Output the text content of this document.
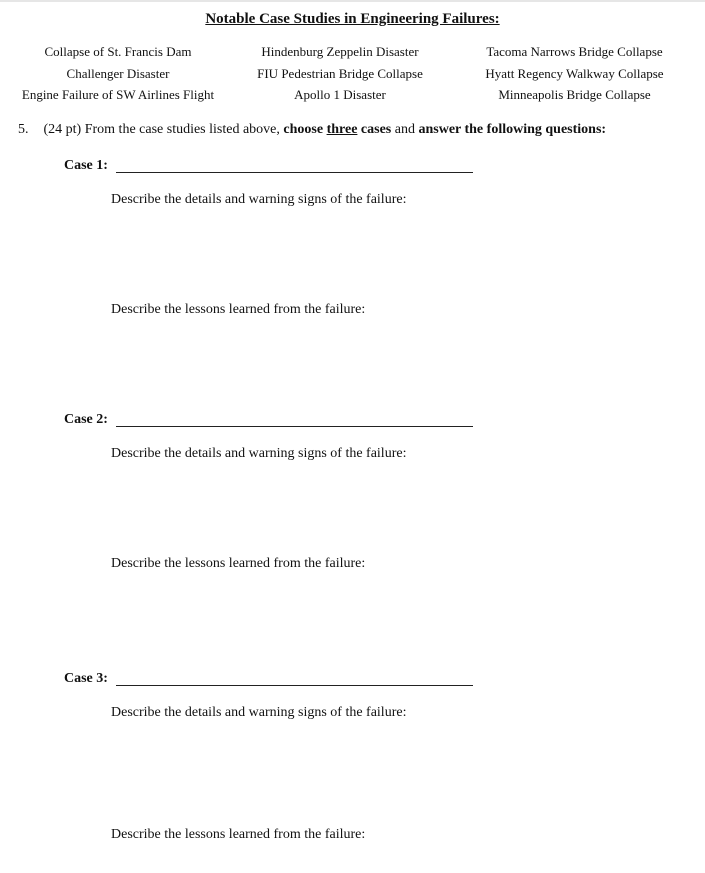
Notable Case Studies in Engineering Failures:
Collapse of St. Francis Dam	Hindenburg Zeppelin Disaster	Tacoma Narrows Bridge Collapse
Challenger Disaster	FIU Pedestrian Bridge Collapse	Hyatt Regency Walkway Collapse
Engine Failure of SW Airlines Flight	Apollo 1 Disaster	Minneapolis Bridge Collapse
5. (24 pt) From the case studies listed above, choose three cases and answer the following questions:
Case 1:
Describe the details and warning signs of the failure:
Describe the lessons learned from the failure:
Case 2:
Describe the details and warning signs of the failure:
Describe the lessons learned from the failure:
Case 3:
Describe the details and warning signs of the failure:
Describe the lessons learned from the failure:
